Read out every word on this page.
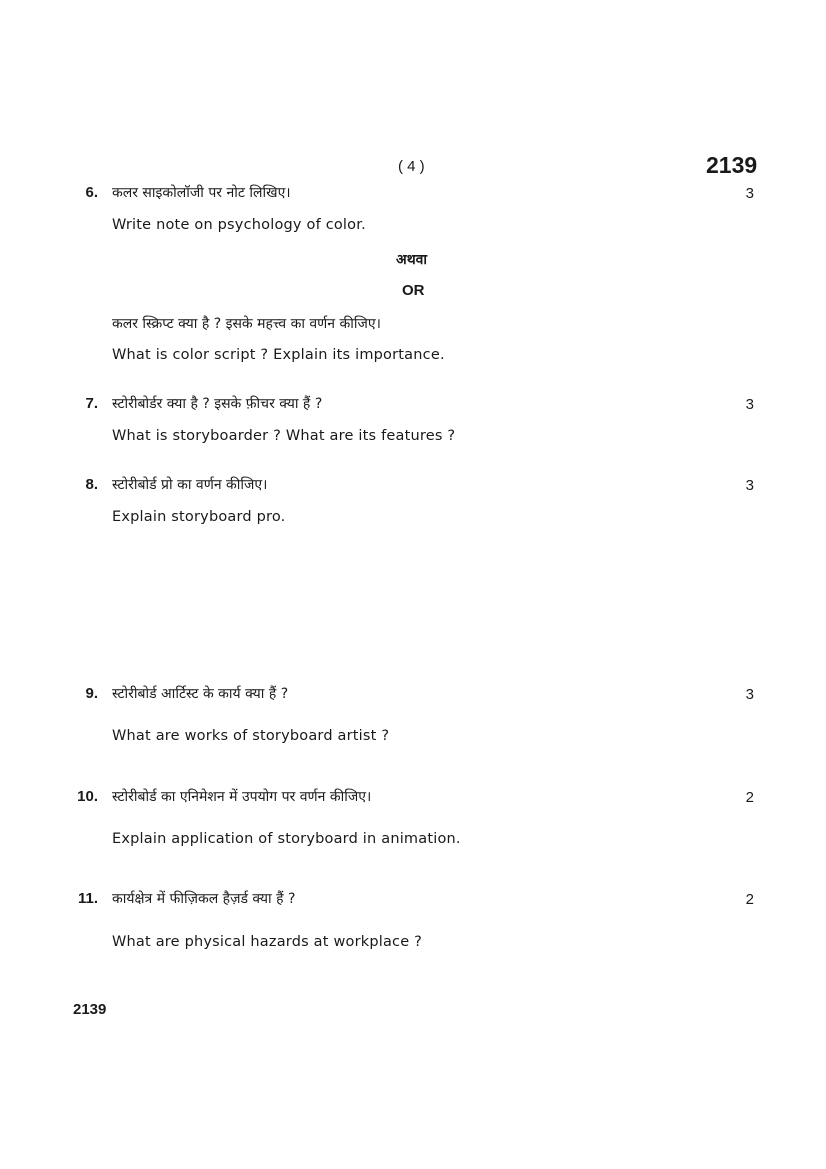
( 4 )	2139
6. कलर साइकोलॉजी पर नोट लिखिए।	3
Write note on psychology of color.
अथवा
OR
कलर स्क्रिप्ट क्या है ? इसके महत्त्व का वर्णन कीजिए।
What is color script ? Explain its importance.
7. स्टोरीबोर्डर क्या है ? इसके फ़ीचर क्या हैं ?	3
What is storyboarder ? What are its features ?
8. स्टोरीबोर्ड प्रो का वर्णन कीजिए।	3
Explain storyboard pro.
9. स्टोरीबोर्ड आर्टिस्ट के कार्य क्या हैं ?	3
What are works of storyboard artist ?
10. स्टोरीबोर्ड का एनिमेशन में उपयोग पर वर्णन कीजिए।	2
Explain application of storyboard in animation.
11. कार्यक्षेत्र में फीज़िकल हैज़र्ड क्या हैं ?	2
What are physical hazards at workplace ?
2139
